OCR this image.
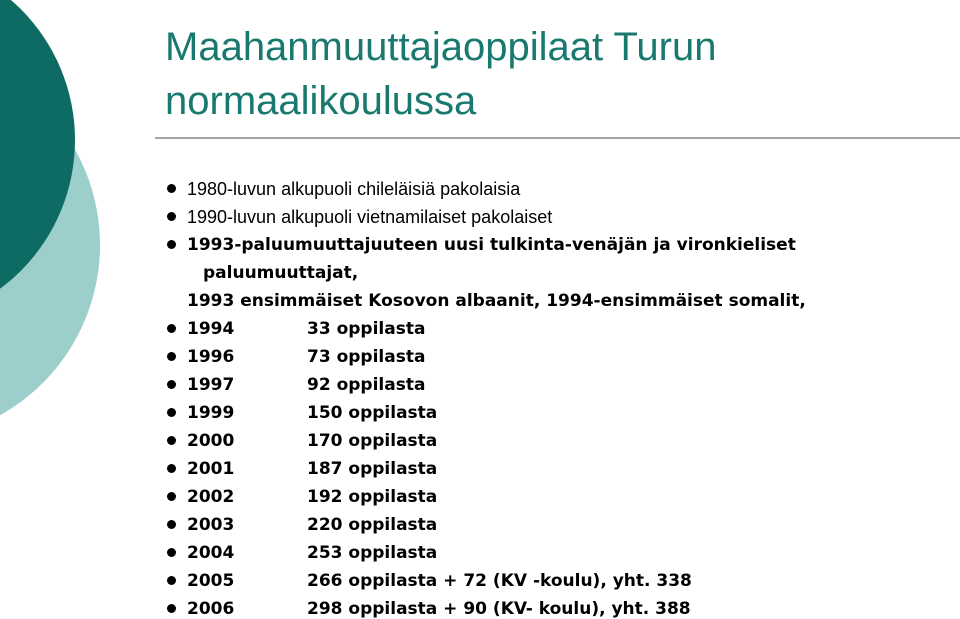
Maahanmuuttajaoppilaat Turun
normaalikoulussa
1980-luvun alkupuoli chileläisiä pakolaisia
1990-luvun alkupuoli vietnamilaiset pakolaiset
1993-paluumuuttajuuteen uusi tulkinta-venäjän ja vironkieliset
paluumuuttajat,
1993 ensimmäiset Kosovon albaanit, 1994-ensimmäiset somalit,
1994	33 oppilasta
1996	73 oppilasta
1997	92 oppilasta
1999	150 oppilasta
2000	170 oppilasta
2001	187 oppilasta
2002	192 oppilasta
2003	220 oppilasta
2004	253 oppilasta
2005	266 oppilasta + 72 (KV -koulu), yht. 338
2006	298 oppilasta + 90 (KV- koulu), yht. 388
